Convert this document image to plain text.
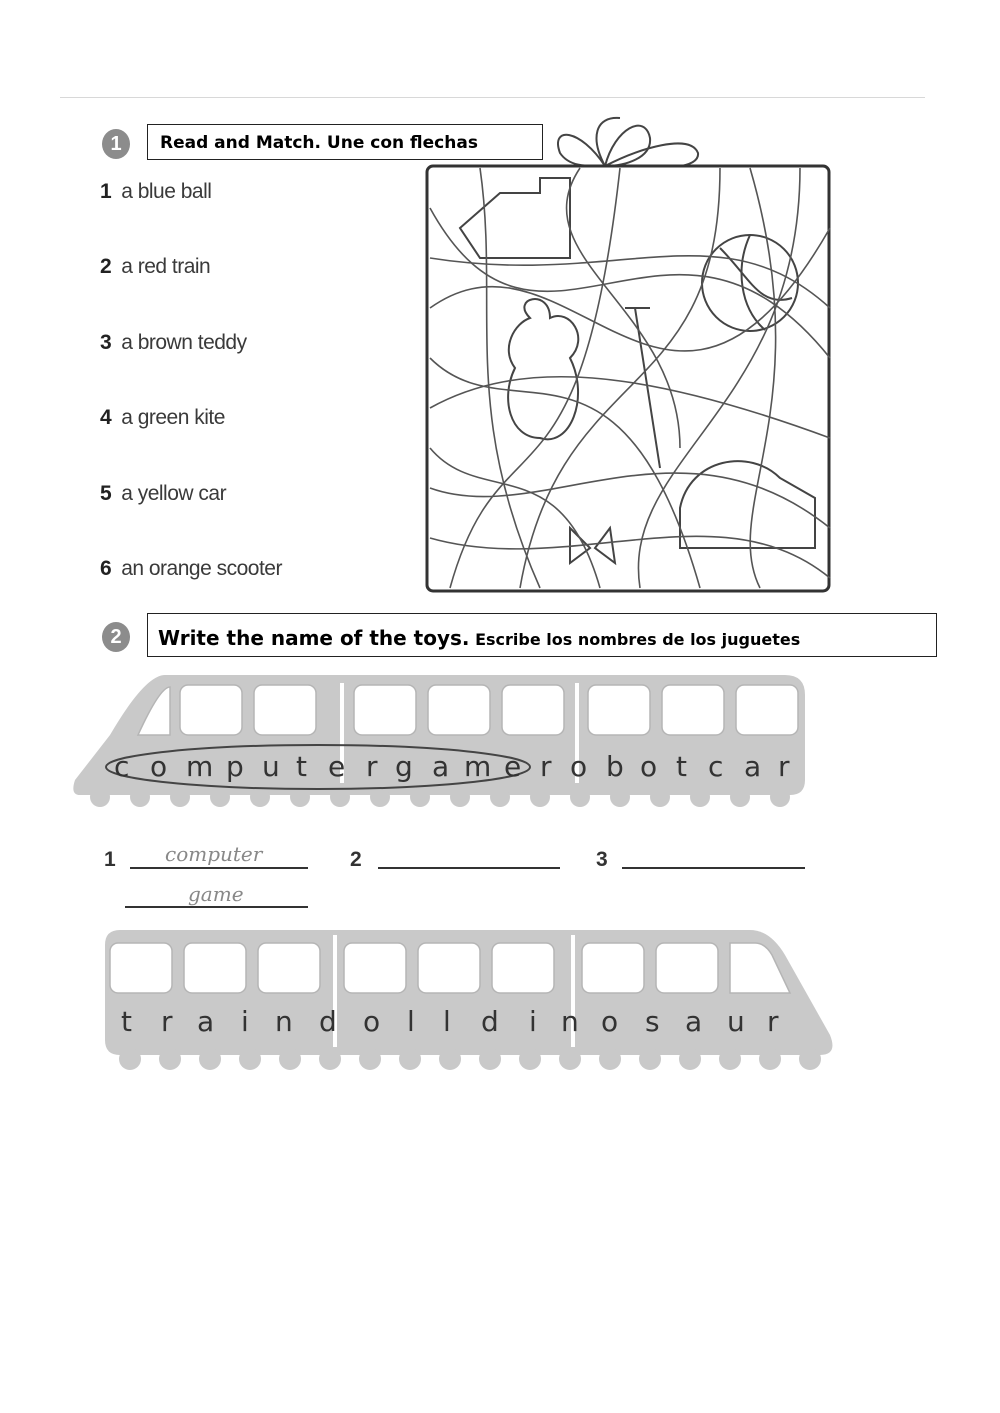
1	Read and Match. Une con flechas
1 a blue ball
2 a red train
3 a brown teddy
4 a green kite
5 a yellow car
6 an orange scooter
2	Write the name of the toys. Escribe los nombres de los juguetes
c o m p u t e r g a m e r o b o t c a r
1 computer
game
2	3
t r a i n d o l l d i n o s a u r
